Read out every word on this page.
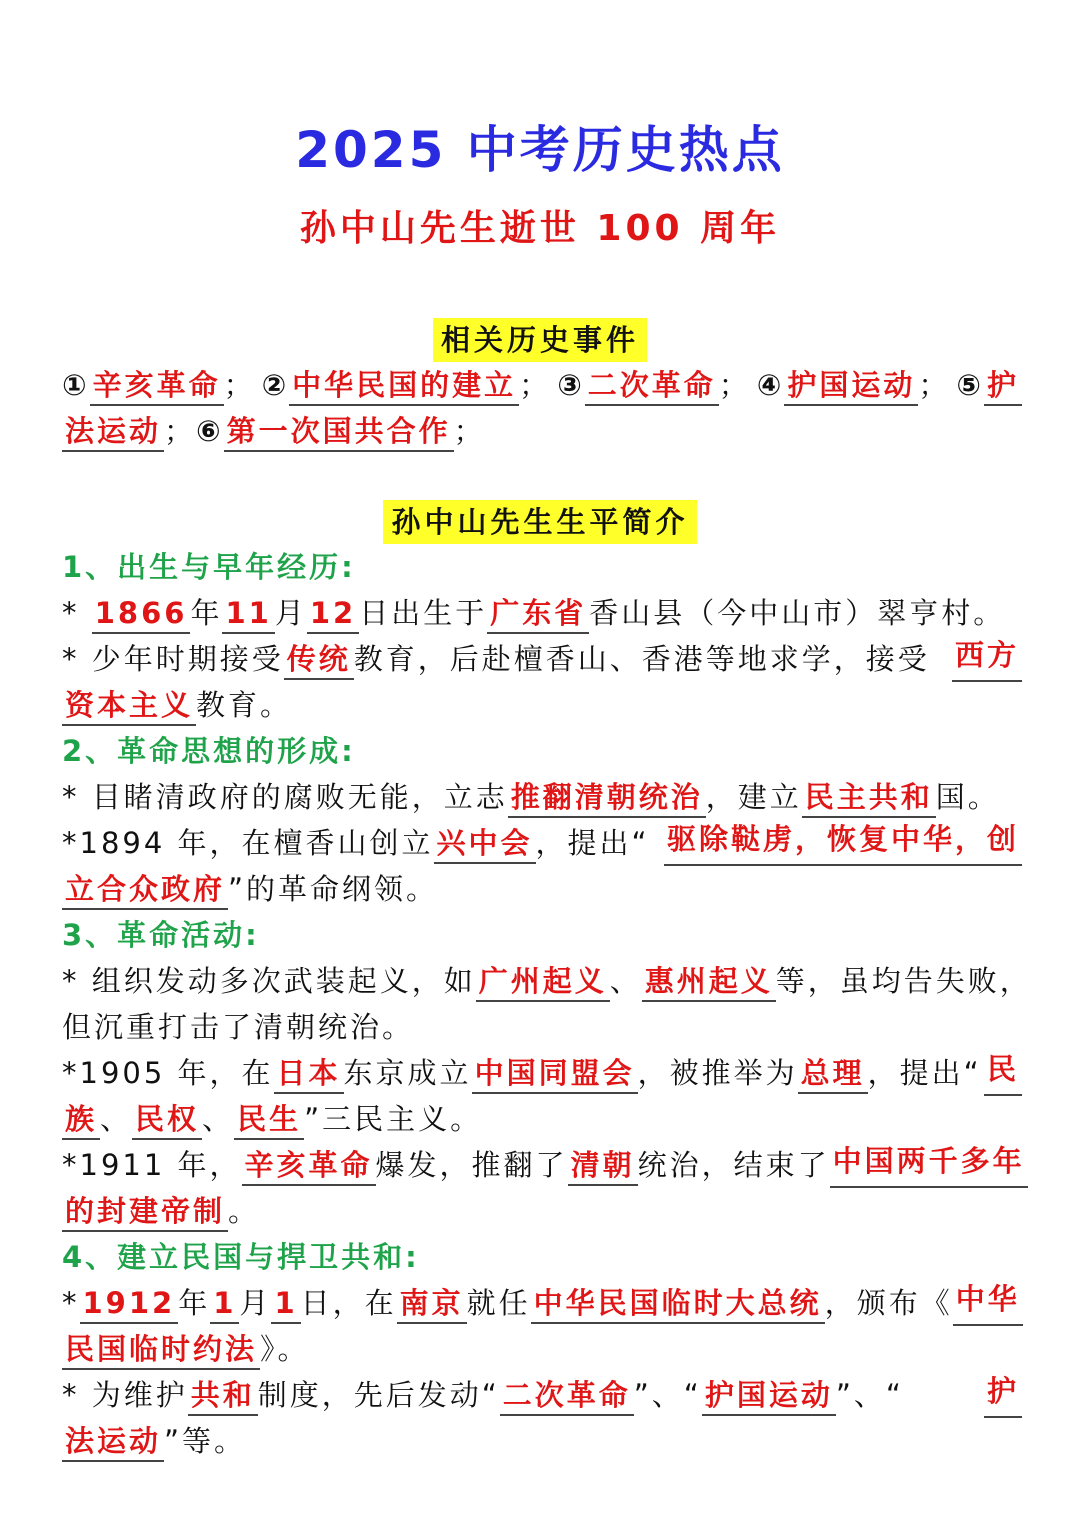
2025 中考历史热点
孙中山先生逝世 100 周年
相关历史事件
① 辛亥革命 ； ② 中华民国的建立 ； ③ 二次革命 ； ④ 护国运动 ； ⑤ 护
法运动 ；⑥ 第一次国共合作 ；
孙中山先生生平简介
1、出生与早年经历:
* 1866 年 11 月 12 日出生于 广东省 香山县（今中山市）翠亨村。
* 少年时期接受 传统 教育，后赴檀香山、香港等地求学，接受 西方
资本主义 教育。
2、革命思想的形成:
* 目睹清政府的腐败无能，立志 推翻清朝统治 ，建立 民主共和 国。
*1894 年，在檀香山创立 兴中会 ，提出“ 驱除鞑虏，恢复中华，创
立合众政府 ”的革命纲领。
3、革命活动:
* 组织发动多次武装起义，如 广州起义 、 惠州起义 等，虽均告失败，
但沉重打击了清朝统治。
*1905 年，在 日本 东京成立 中国同盟会 ，被推举为 总理 ，提出“ 民
族 、 民权 、 民生 ”三民主义。
*1911 年， 辛亥革命 爆发，推翻了 清朝 统治，结束了 中国两千多年
的封建帝制 。
4、建立民国与捍卫共和:
* 1912 年 1 月 1 日，在 南京 就任 中华民国临时大总统 ，颁布《 中华
民国临时约法 》。
* 为维护 共和 制度，先后发动“ 二次革命 ”、“ 护国运动 ”、“	护
法运动 ”等。
